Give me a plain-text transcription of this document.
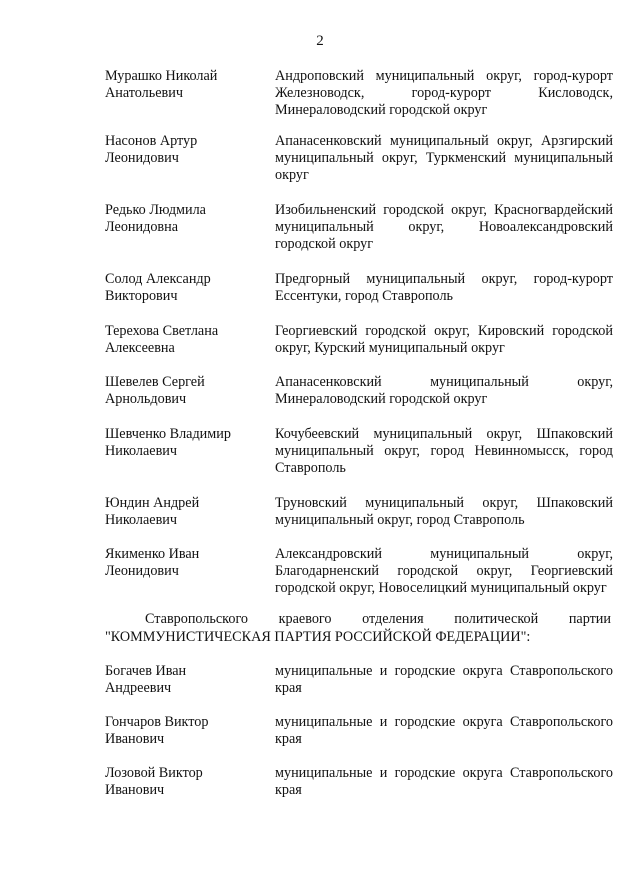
2
Мурашко Николай
Анатольевич
Андроповский муниципальный округ, город-курорт Железноводск, город-курорт Кисловодск, Минераловодский городской округ
Насонов Артур
Леонидович
Апанасенковский муниципальный округ, Арзгирский муниципальный округ, Туркменский муниципальный округ
Редько Людмила
Леонидовна
Изобильненский городской округ, Красногвардейский муниципальный округ, Новоалександровский городской округ
Солод Александр
Викторович
Предгорный муниципальный округ, город-курорт Ессентуки, город Ставрополь
Терехова Светлана
Алексеевна
Георгиевский городской округ, Кировский городской округ, Курский муниципальный округ
Шевелев Сергей
Арнольдович
Апанасенковский муниципальный округ, Минераловодский городской округ
Шевченко Владимир
Николаевич
Кочубеевский муниципальный округ, Шпаковский муниципальный округ, город Невинномысск, город Ставрополь
Юндин Андрей
Николаевич
Труновский муниципальный округ, Шпаковский муниципальный округ, город Ставрополь
Якименко Иван
Леонидович
Александровский муниципальный округ, Благодарненский городской округ, Георгиевский городской округ, Новоселицкий муниципальный округ
Ставропольского краевого отделения политической партии "КОММУНИСТИЧЕСКАЯ ПАРТИЯ РОССИЙСКОЙ ФЕДЕРАЦИИ":
Богачев Иван
Андреевич
муниципальные и городские округа Ставропольского края
Гончаров Виктор
Иванович
муниципальные и городские округа Ставропольского края
Лозовой Виктор
Иванович
муниципальные и городские округа Ставропольского края
